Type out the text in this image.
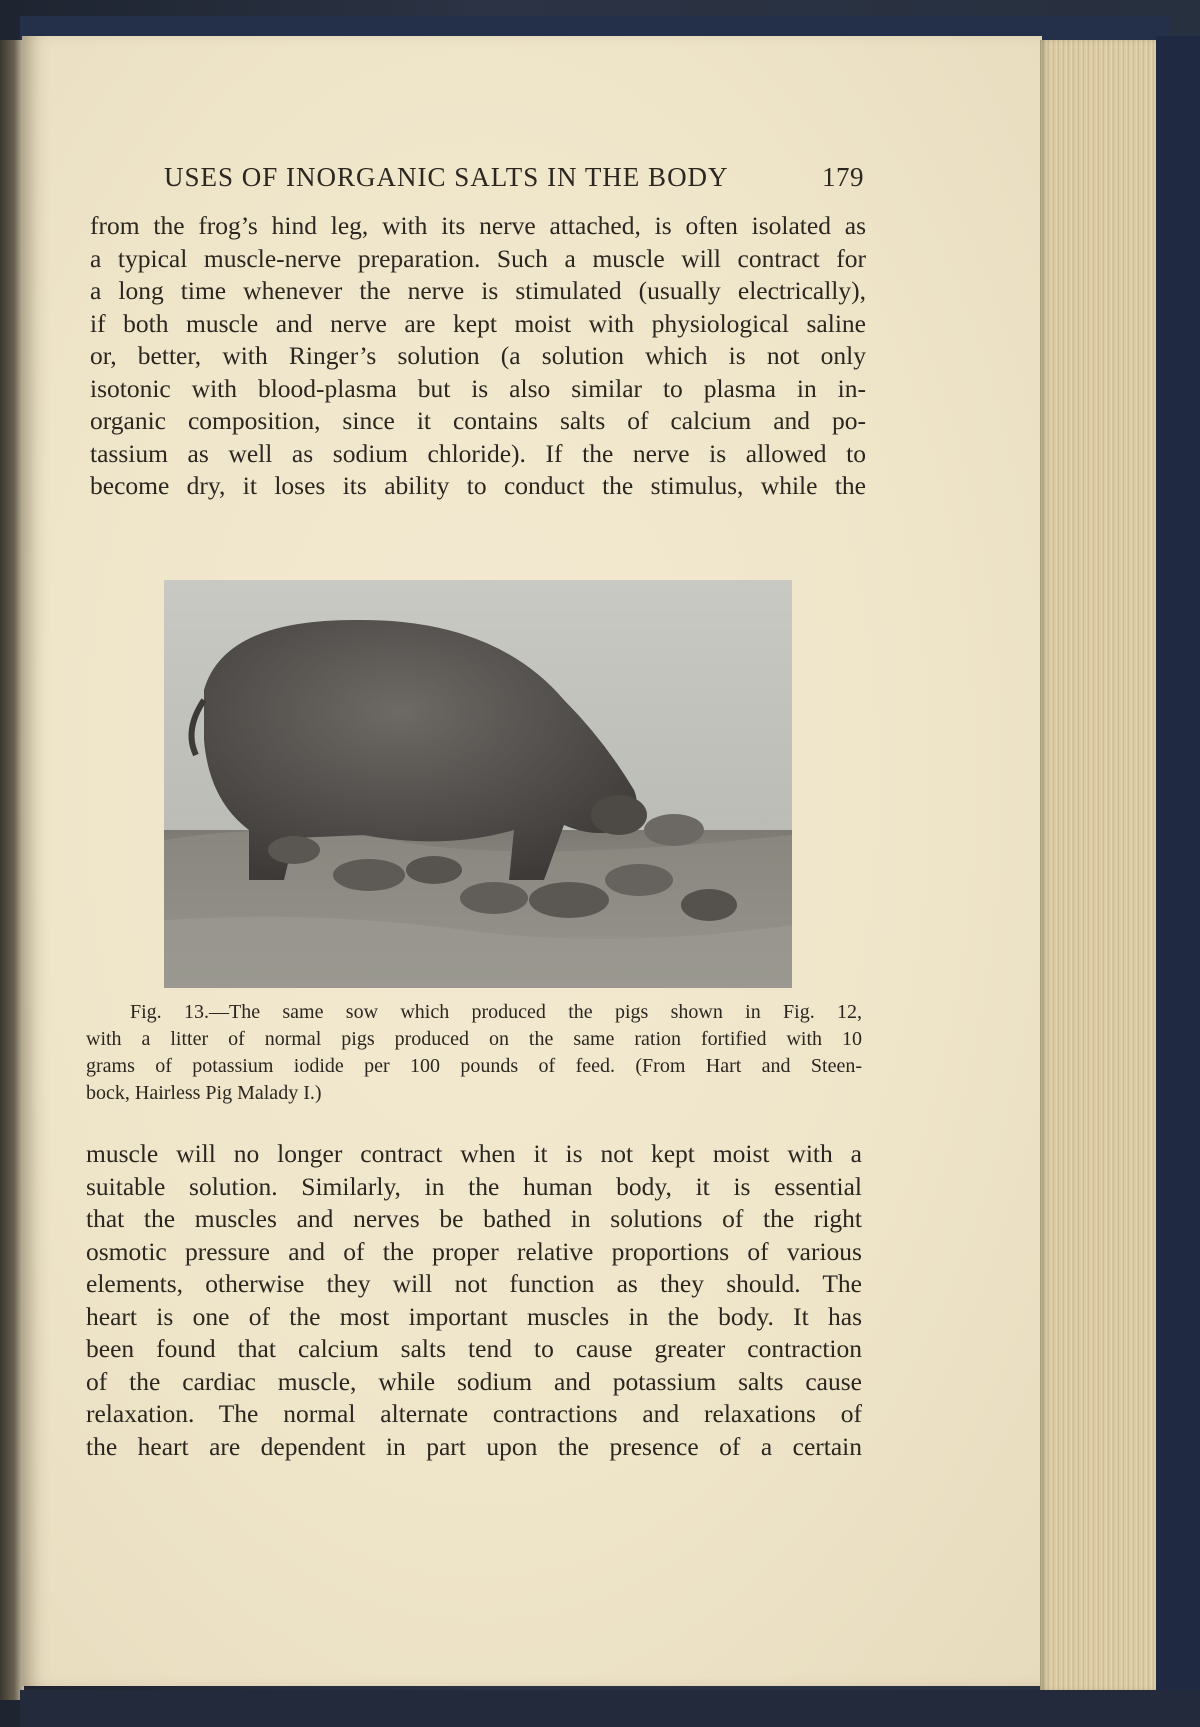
USES OF INORGANIC SALTS IN THE BODY	179
from the frog’s hind leg, with its nerve attached, is often isolated as
a typical muscle-nerve preparation. Such a muscle will contract for
a long time whenever the nerve is stimulated (usually electrically),
if both muscle and nerve are kept moist with physiological saline
or, better, with Ringer’s solution (a solution which is not only
isotonic with blood-plasma but is also similar to plasma in in-
organic composition, since it contains salts of calcium and po-
tassium as well as sodium chloride). If the nerve is allowed to
become dry, it loses its ability to conduct the stimulus, while the
Fig. 13.—The same sow which produced the pigs shown in Fig. 12,
with a litter of normal pigs produced on the same ration fortified with 10
grams of potassium iodide per 100 pounds of feed. (From Hart and Steen-
bock, Hairless Pig Malady I.)
muscle will no longer contract when it is not kept moist with a
suitable solution. Similarly, in the human body, it is essential
that the muscles and nerves be bathed in solutions of the right
osmotic pressure and of the proper relative proportions of various
elements, otherwise they will not function as they should. The
heart is one of the most important muscles in the body. It has
been found that calcium salts tend to cause greater contraction
of the cardiac muscle, while sodium and potassium salts cause
relaxation. The normal alternate contractions and relaxations of
the heart are dependent in part upon the presence of a certain
